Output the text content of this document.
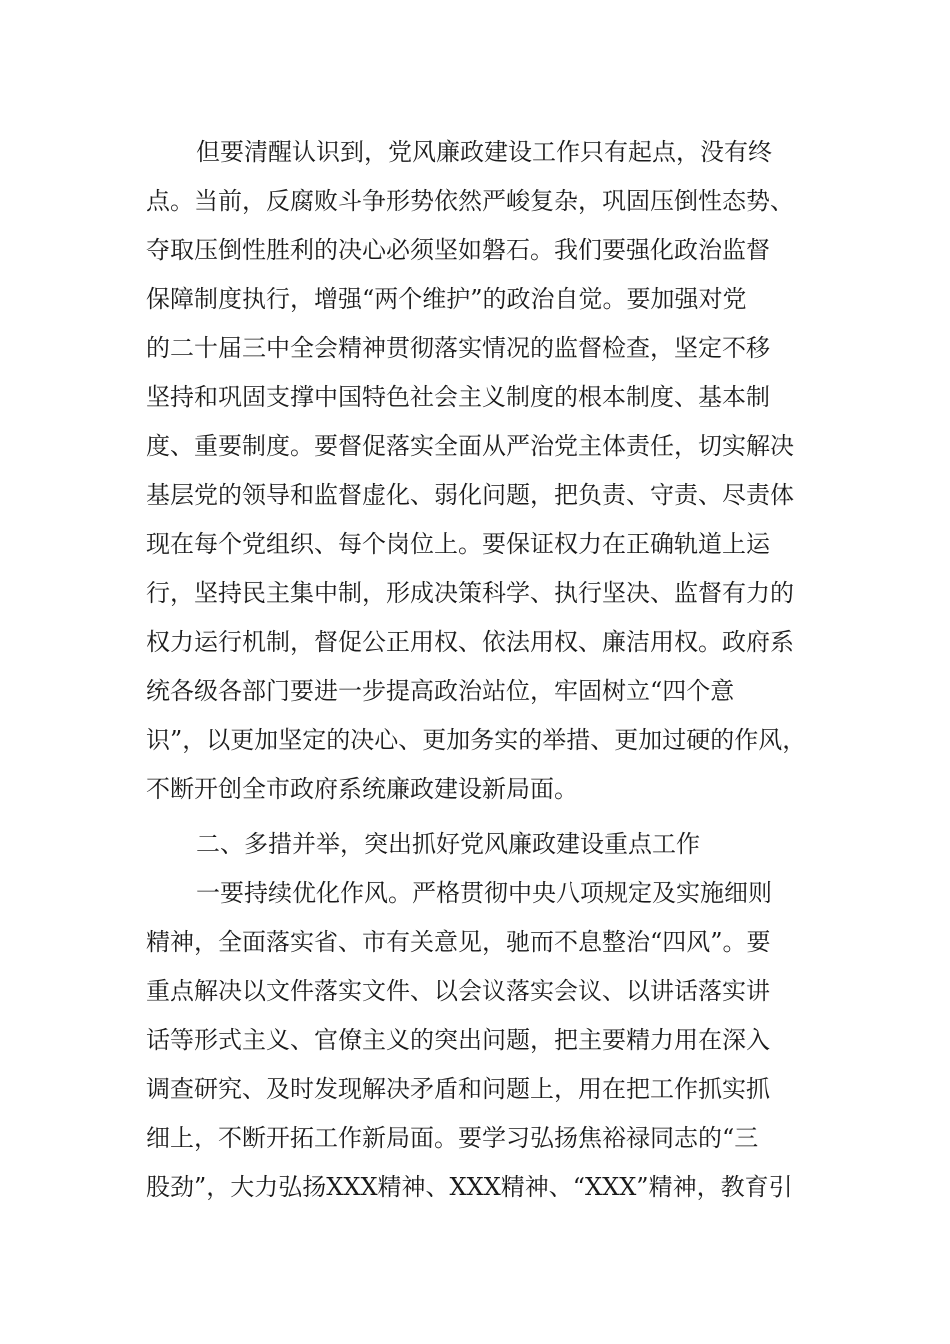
但要清醒认识到，党风廉政建设工作只有起点，没有终
点。当前，反腐败斗争形势依然严峻复杂，巩固压倒性态势、
夺取压倒性胜利的决心必须坚如磐石。我们要强化政治监督
保障制度执行，增强“两个维护”的政治自觉。要加强对党
的二十届三中全会精神贯彻落实情况的监督检查，坚定不移
坚持和巩固支撑中国特色社会主义制度的根本制度、基本制
度、重要制度。要督促落实全面从严治党主体责任，切实解决
基层党的领导和监督虚化、弱化问题，把负责、守责、尽责体
现在每个党组织、每个岗位上。要保证权力在正确轨道上运
行，坚持民主集中制，形成决策科学、执行坚决、监督有力的
权力运行机制，督促公正用权、依法用权、廉洁用权。政府系
统各级各部门要进一步提高政治站位，牢固树立“四个意
识”，以更加坚定的决心、更加务实的举措、更加过硬的作风，
不断开创全市政府系统廉政建设新局面。
二、多措并举，突出抓好党风廉政建设重点工作
一要持续优化作风。严格贯彻中央八项规定及实施细则
精神，全面落实省、市有关意见，驰而不息整治“四风”。要
重点解决以文件落实文件、以会议落实会议、以讲话落实讲
话等形式主义、官僚主义的突出问题，把主要精力用在深入
调查研究、及时发现解决矛盾和问题上，用在把工作抓实抓
细上，不断开拓工作新局面。要学习弘扬焦裕禄同志的“三
股劲”，大力弘扬XXX精神、XXX精神、“XXX”精神，教育引
